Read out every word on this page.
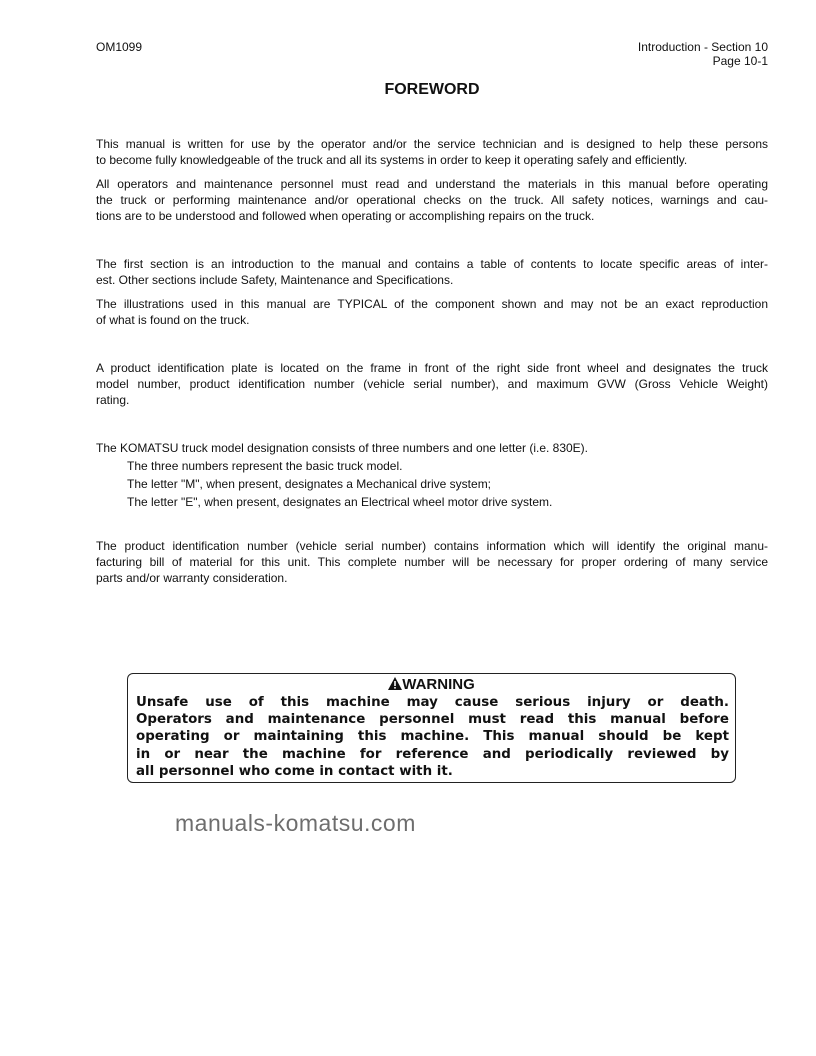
OM1099	Introduction - Section 10
Page 10-1
FOREWORD
This manual is written for use by the operator and/or the service technician and is designed to help these persons
to become fully knowledgeable of the truck and all its systems in order to keep it operating safely and efficiently.
All operators and maintenance personnel must read and understand the materials in this manual before operating
the truck or performing maintenance and/or operational checks on the truck. All safety notices, warnings and cau-
tions are to be understood and followed when operating or accomplishing repairs on the truck.
The first section is an introduction to the manual and contains a table of contents to locate specific areas of inter-
est. Other sections include Safety, Maintenance and Specifications.
The illustrations used in this manual are TYPICAL of the component shown and may not be an exact reproduction
of what is found on the truck.
A product identification plate is located on the frame in front of the right side front wheel and designates the truck
model number, product identification number (vehicle serial number), and maximum GVW (Gross Vehicle Weight)
rating.
The KOMATSU truck model designation consists of three numbers and one letter (i.e. 830E).
The three numbers represent the basic truck model.
The letter "M", when present, designates a Mechanical drive system;
The letter "E", when present, designates an Electrical wheel motor drive system.
The product identification number (vehicle serial number) contains information which will identify the original manu-
facturing bill of material for this unit. This complete number will be necessary for proper ordering of many service
parts and/or warranty consideration.
WARNING
Unsafe use of this machine may cause serious injury or death.
Operators and maintenance personnel must read this manual before
operating or maintaining this machine. This manual should be kept
in or near the machine for reference and periodically reviewed by
all personnel who come in contact with it.
manuals-komatsu.com
